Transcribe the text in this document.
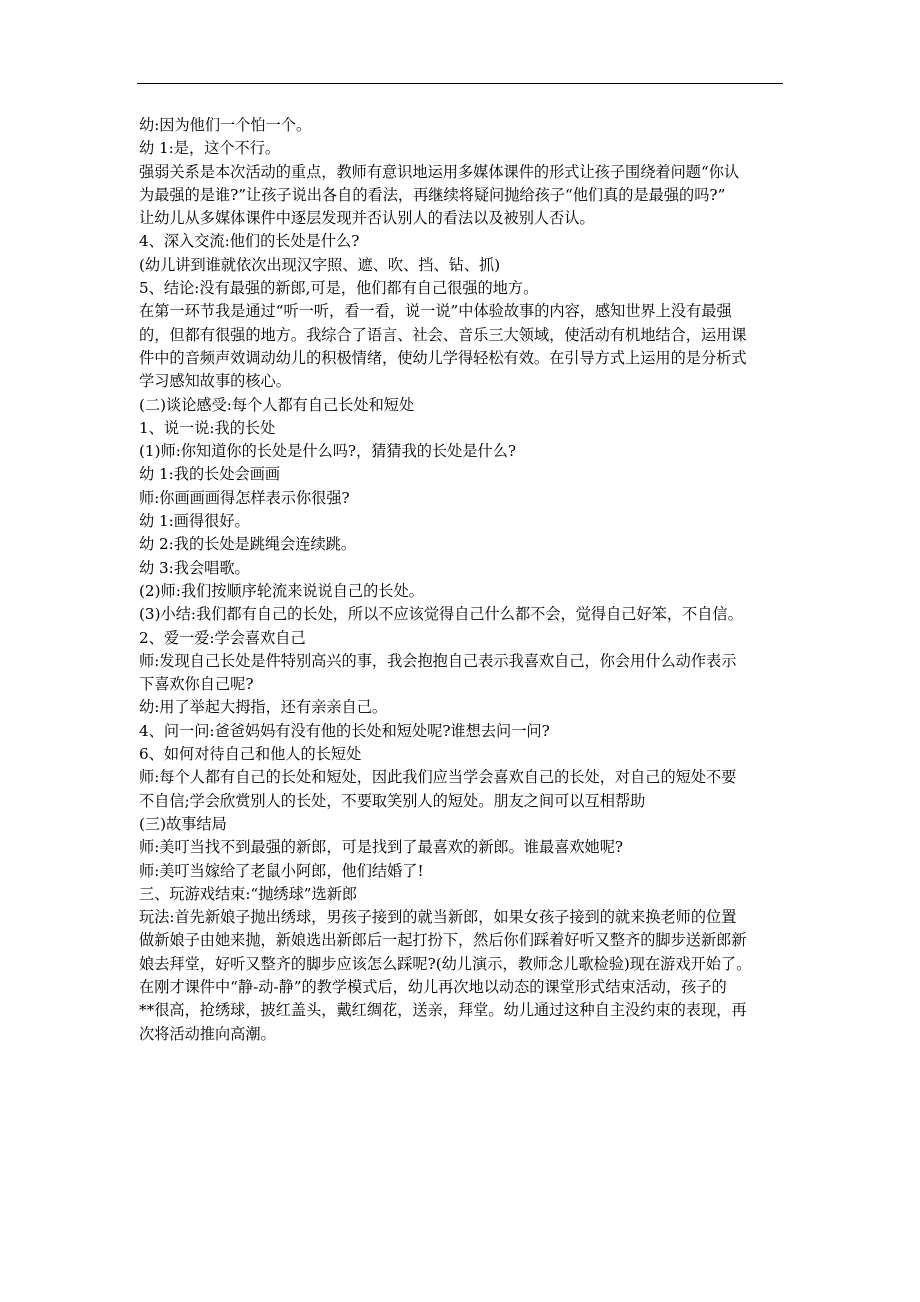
幼:因为他们一个怕一个。
幼 1:是，这个不行。
强弱关系是本次活动的重点，教师有意识地运用多媒体课件的形式让孩子围绕着问题“你认
为最强的是谁?”让孩子说出各自的看法，再继续将疑问抛给孩子“他们真的是最强的吗?”
让幼儿从多媒体课件中逐层发现并否认别人的看法以及被别人否认。
4、深入交流:他们的长处是什么?
(幼儿讲到谁就依次出现汉字照、遮、吹、挡、钻、抓)
5、结论:没有最强的新郎,可是，他们都有自己很强的地方。
在第一环节我是通过“听一听，看一看，说一说”中体验故事的内容，感知世界上没有最强
的，但都有很强的地方。我综合了语言、社会、音乐三大领域，使活动有机地结合，运用课
件中的音频声效调动幼儿的积极情绪，使幼儿学得轻松有效。在引导方式上运用的是分析式
学习感知故事的核心。
(二)谈论感受:每个人都有自己长处和短处
1、说一说:我的长处
(1)师:你知道你的长处是什么吗?，猜猜我的长处是什么?
幼 1:我的长处会画画
师:你画画画得怎样表示你很强?
幼 1:画得很好。
幼 2:我的长处是跳绳会连续跳。
幼 3:我会唱歌。
(2)师:我们按顺序轮流来说说自己的长处。
(3)小结:我们都有自己的长处，所以不应该觉得自己什么都不会，觉得自己好笨，不自信。
2、爱一爱:学会喜欢自己
师:发现自己长处是件特别高兴的事，我会抱抱自己表示我喜欢自己，你会用什么动作表示
下喜欢你自己呢?
幼:用了举起大拇指，还有亲亲自己。
4、问一问:爸爸妈妈有没有他的长处和短处呢?谁想去问一问?
6、如何对待自己和他人的长短处
师:每个人都有自己的长处和短处，因此我们应当学会喜欢自己的长处，对自己的短处不要
不自信;学会欣赏别人的长处，不要取笑别人的短处。朋友之间可以互相帮助
(三)故事结局
师:美叮当找不到最强的新郎，可是找到了最喜欢的新郎。谁最喜欢她呢?
师:美叮当嫁给了老鼠小阿郎，他们结婚了!
三、玩游戏结束:“抛绣球”选新郎
玩法:首先新娘子抛出绣球，男孩子接到的就当新郎，如果女孩子接到的就来换老师的位置
做新娘子由她来抛，新娘选出新郎后一起打扮下，然后你们踩着好听又整齐的脚步送新郎新
娘去拜堂，好听又整齐的脚步应该怎么踩呢?(幼儿演示，教师念儿歌检验)现在游戏开始了。
在刚才课件中“静-动-静”的教学模式后，幼儿再次地以动态的课堂形式结束活动，孩子的
**很高，抢绣球，披红盖头，戴红绸花，送亲，拜堂。幼儿通过这种自主没约束的表现，再
次将活动推向高潮。
